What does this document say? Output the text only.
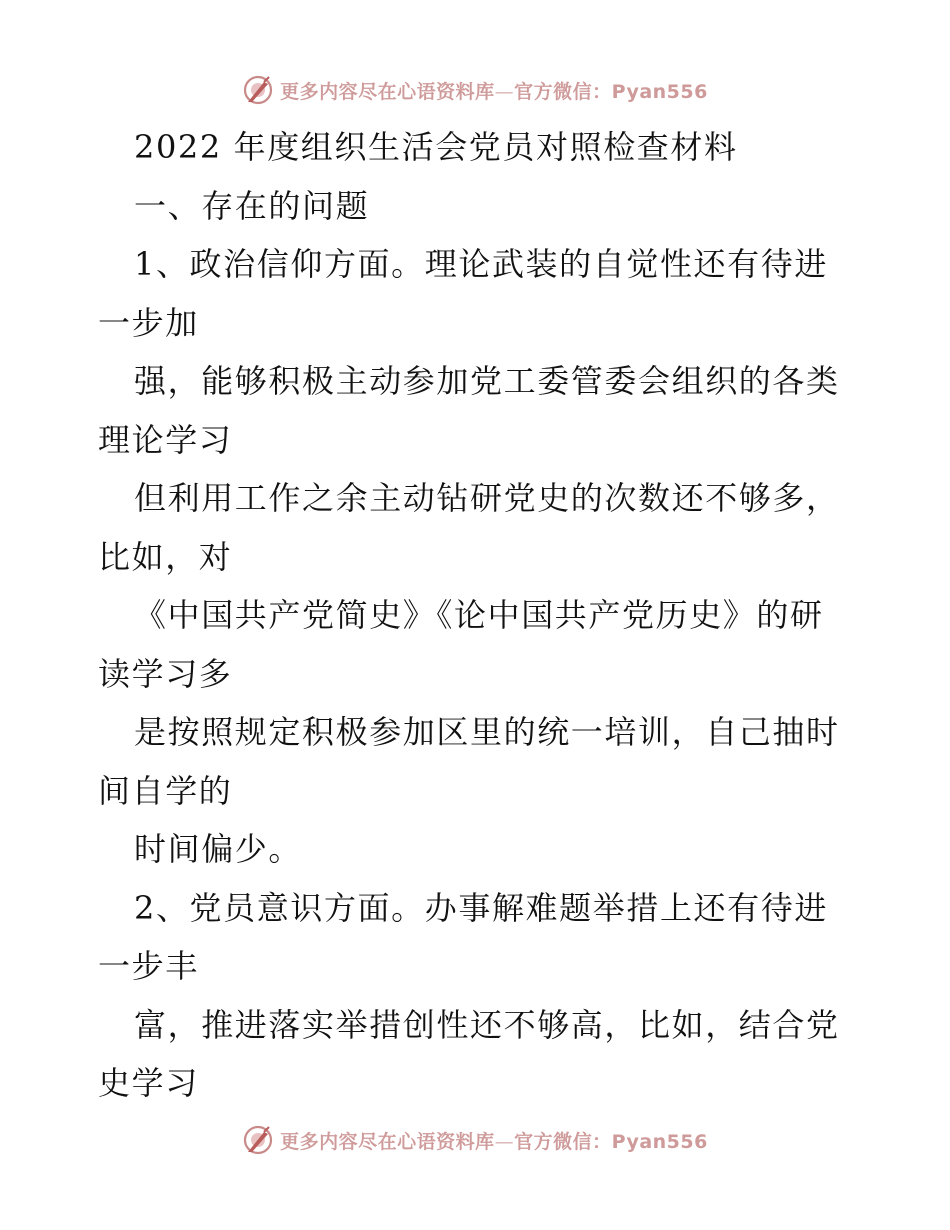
更多内容尽在心语资料库—官方微信：Pyan556
2022 年度组织生活会党员对照检查材料
一、存在的问题
1、政治信仰方面。理论武装的自觉性还有待进
一步加
强，能够积极主动参加党工委管委会组织的各类
理论学习
但利用工作之余主动钻研党史的次数还不够多，
比如，对
《中国共产党简史》《论中国共产党历史》的研
读学习多
是按照规定积极参加区里的统一培训，自己抽时
间自学的
时间偏少。
2、党员意识方面。办事解难题举措上还有待进
一步丰
富，推进落实举措创性还不够高，比如，结合党
史学习
更多内容尽在心语资料库—官方微信：Pyan556
